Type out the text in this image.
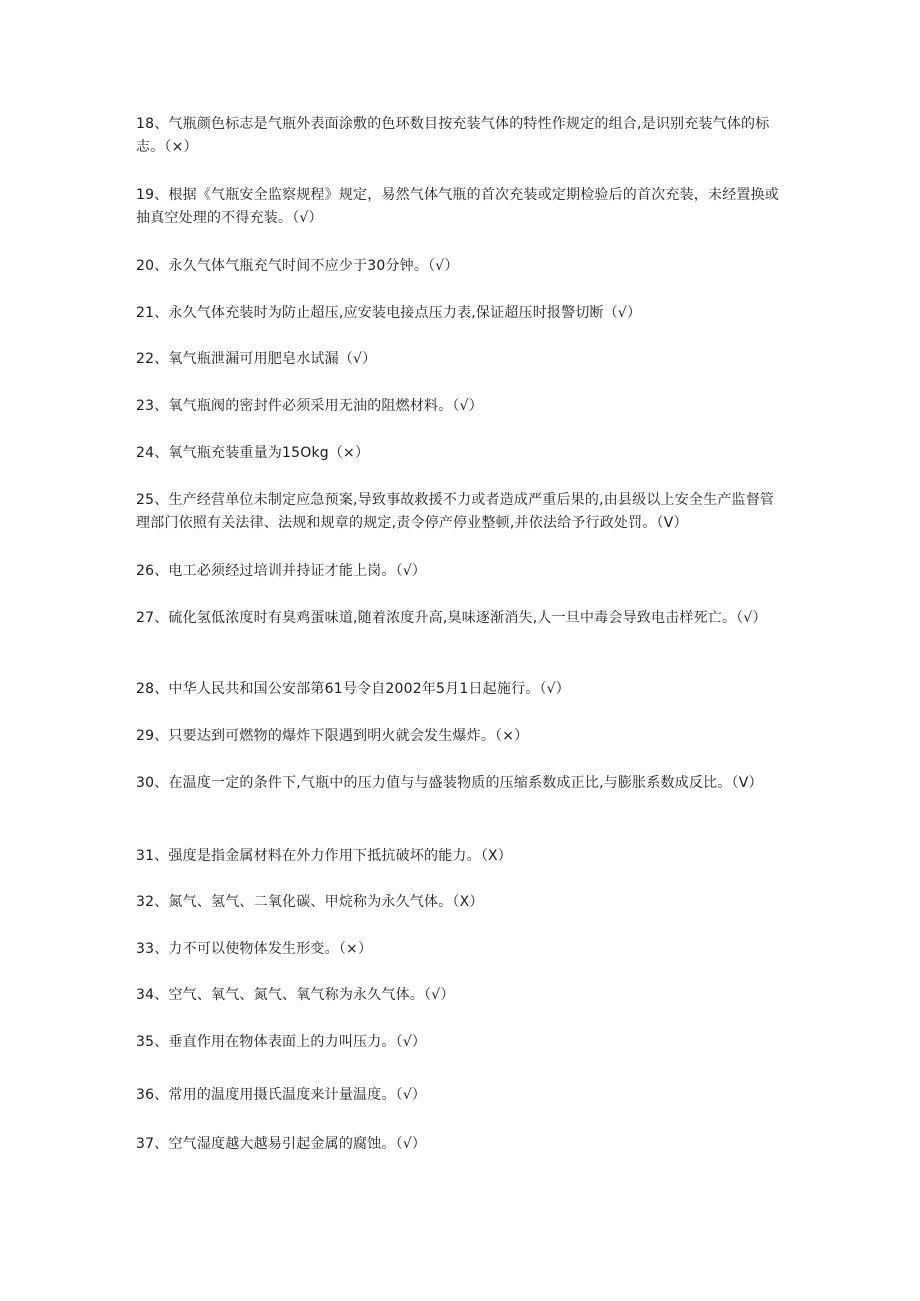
18、气瓶颜色标志是气瓶外表面涂敷的色环数目按充装气体的特性作规定的组合,是识别充装气体的标志。（×）
19、根据《气瓶安全监察规程》规定，易然气体气瓶的首次充装或定期检验后的首次充装，未经置换或抽真空处理的不得充装。（√）
20、永久气体气瓶充气时间不应少于30分钟。（√）
21、永久气体充装时为防止超压,应安装电接点压力表,保证超压时报警切断（√）
22、氧气瓶泄漏可用肥皂水试漏（√）
23、氧气瓶阀的密封件必须采用无油的阻燃材料。（√）
24、氧气瓶充装重量为15Okg（×）
25、生产经营单位未制定应急预案,导致事故救援不力或者造成严重后果的,由县级以上安全生产监督管理部门依照有关法律、法规和规章的规定,责令停产停业整顿,并依法给予行政处罚。（V）
26、电工必须经过培训并持证才能上岗。（√）
27、硫化氢低浓度时有臭鸡蛋味道,随着浓度升高,臭味逐渐消失,人一旦中毒会导致电击样死亡。（√）
28、中华人民共和国公安部第61号令自2002年5月1日起施行。（√）
29、只要达到可燃物的爆炸下限遇到明火就会发生爆炸。（×）
30、在温度一定的条件下,气瓶中的压力值与与盛装物质的压缩系数成正比,与膨胀系数成反比。（V）
31、强度是指金属材料在外力作用下抵抗破坏的能力。（X）
32、氮气、氢气、二氧化碳、甲烷称为永久气体。（X）
33、力不可以使物体发生形变。（×）
34、空气、氧气、氮气、氧气称为永久气体。（√）
35、垂直作用在物体表面上的力叫压力。（√）
36、常用的温度用摄氏温度来计量温度。（√）
37、空气湿度越大越易引起金属的腐蚀。（√）
